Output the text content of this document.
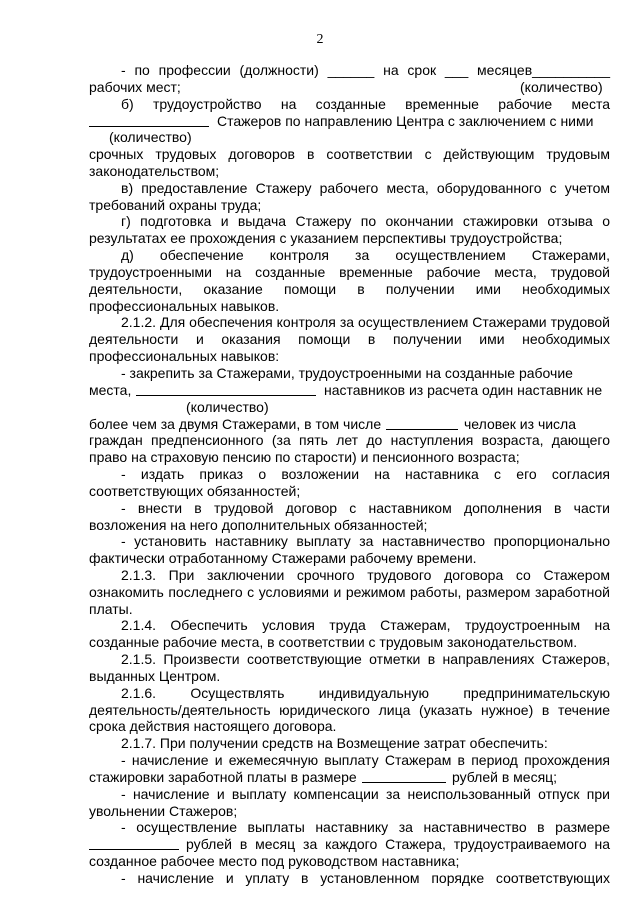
2
- по профессии (должности) ______ на срок ___ месяцев__________
рабочих мест;	(количество)
б) трудоустройство на созданные временные рабочие места
Стажеров по направлению Центра с заключением с ними
(количество)
срочных трудовых договоров в соответствии с действующим трудовым
законодательством;
в) предоставление Стажеру рабочего места, оборудованного с учетом
требований охраны труда;
г) подготовка и выдача Стажеру по окончании стажировки отзыва о
результатах ее прохождения с указанием перспективы трудоустройства;
д) обеспечение контроля за осуществлением Стажерами,
трудоустроенными на созданные временные рабочие места, трудовой
деятельности, оказание помощи в получении ими необходимых
профессиональных навыков.
2.1.2. Для обеспечения контроля за осуществлением Стажерами трудовой
деятельности и оказания помощи в получении ими необходимых
профессиональных навыков:
- закрепить за Стажерами, трудоустроенными на созданные рабочие
места,	наставников из расчета один наставник не
(количество)
более чем за двумя Стажерами, в том числе	человек из числа
граждан предпенсионного (за пять лет до наступления возраста, дающего
право на страховую пенсию по старости) и пенсионного возраста;
- издать приказ о возложении на наставника с его согласия
соответствующих обязанностей;
- внести в трудовой договор с наставником дополнения в части
возложения на него дополнительных обязанностей;
- установить наставнику выплату за наставничество пропорционально
фактически отработанному Стажерами рабочему времени.
2.1.3. При заключении срочного трудового договора со Стажером
ознакомить последнего с условиями и режимом работы, размером заработной
платы.
2.1.4. Обеспечить условия труда Стажерам, трудоустроенным на
созданные рабочие места, в соответствии с трудовым законодательством.
2.1.5. Произвести соответствующие отметки в направлениях Стажеров,
выданных Центром.
2.1.6. Осуществлять индивидуальную предпринимательскую
деятельность/деятельность юридического лица (указать нужное) в течение
срока действия настоящего договора.
2.1.7. При получении средств на Возмещение затрат обеспечить:
- начисление и ежемесячную выплату Стажерам в период прохождения
стажировки заработной платы в размере	рублей в месяц;
- начисление и выплату компенсации за неиспользованный отпуск при
увольнении Стажеров;
- осуществление выплаты наставнику за наставничество в размере
рублей в месяц за каждого Стажера, трудоустраиваемого на
созданное рабочее место под руководством наставника;
- начисление и уплату в установленном порядке соответствующих
